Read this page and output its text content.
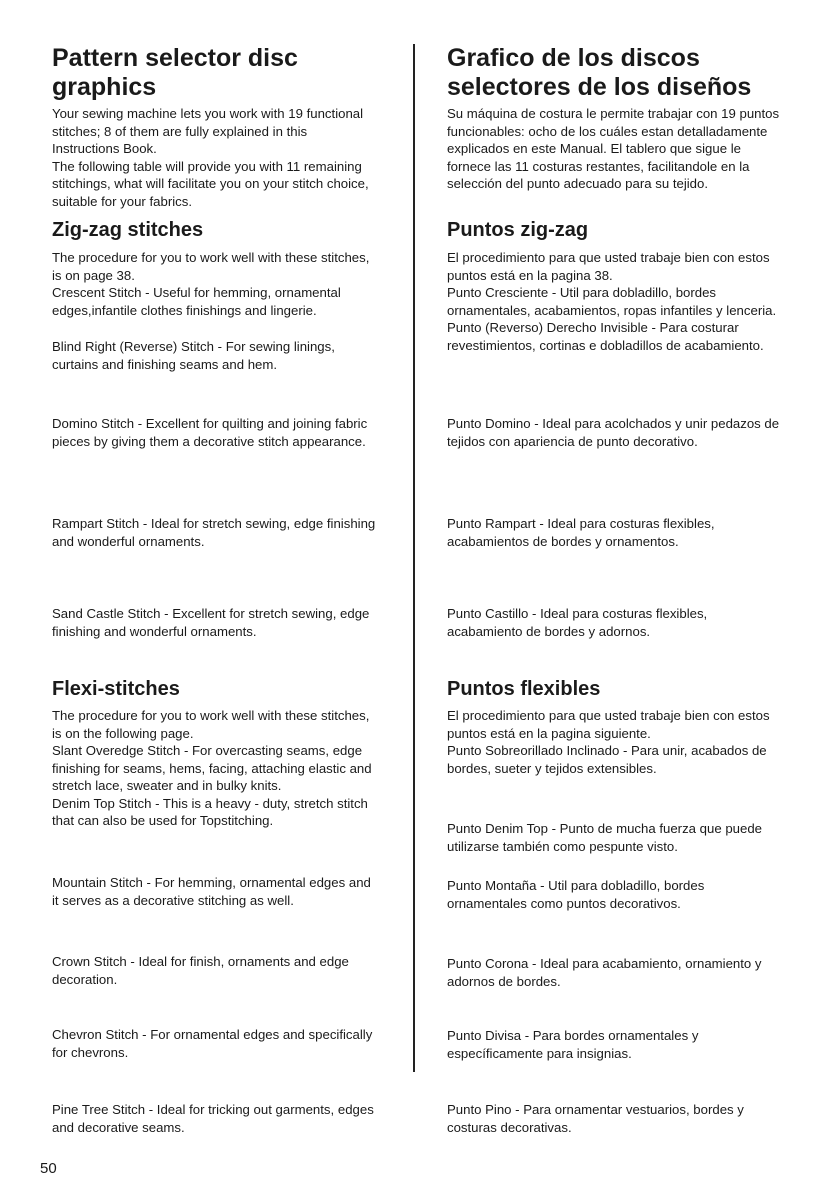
Pattern selector disc graphics
Your sewing machine lets you work with 19 functional stitches; 8 of them are fully explained in this Instructions Book.
The following table will provide you with 11 remaining stitchings, what will facilitate you on your stitch choice, suitable for your fabrics.
Zig-zag stitches
The procedure for you to work well with these stitches, is on page 38.
Crescent Stitch - Useful for hemming, ornamental edges,infantile clothes finishings and lingerie.
Blind Right (Reverse) Stitch - For sewing linings, curtains and finishing seams and hem.
Domino Stitch - Excellent for quilting and joining fabric pieces by giving them a decorative stitch appearance.
Rampart Stitch - Ideal for stretch sewing, edge finishing and wonderful ornaments.
Sand Castle Stitch - Excellent for stretch sewing, edge finishing and wonderful ornaments.
Flexi-stitches
The procedure for you to work well with these stitches, is on the following page.
Slant Overedge Stitch - For overcasting seams, edge finishing for seams, hems, facing, attaching elastic and stretch lace, sweater and in bulky knits.
Denim Top Stitch - This is a heavy - duty, stretch stitch that can also be used for Topstitching.
Mountain Stitch - For hemming, ornamental edges and it serves as a decorative stitching as well.
Crown Stitch - Ideal for finish, ornaments and edge decoration.
Chevron Stitch - For ornamental edges and specifically for chevrons.
Pine Tree Stitch - Ideal for tricking out garments, edges and decorative seams.
Grafico de los discos selectores de los diseños
Su máquina de costura le permite trabajar con 19 puntos funcionables: ocho de los cuáles estan detalladamente explicados en este Manual. El tablero que sigue le fornece las 11 costuras restantes, facilitandole en la selección del punto adecuado para su tejido.
Puntos zig-zag
El procedimiento para que usted trabaje bien con estos puntos está en la pagina 38.
Punto Cresciente - Util para dobladillo, bordes ornamentales, acabamientos, ropas infantiles y lenceria.
Punto (Reverso) Derecho Invisible - Para costurar revestimientos, cortinas e dobladillos de acabamiento.
Punto Domino - Ideal para acolchados y unir pedazos de tejidos con apariencia de punto decorativo.
Punto Rampart - Ideal para costuras flexibles, acabamientos de bordes y ornamentos.
Punto Castillo - Ideal para costuras flexibles, acabamiento de bordes y adornos.
Puntos flexibles
El procedimiento para que usted trabaje bien con estos puntos está en la pagina siguiente.
Punto Sobreorillado Inclinado - Para unir, acabados de bordes, sueter y tejidos extensibles.
Punto Denim Top - Punto de mucha fuerza que puede utilizarse también como pespunte visto.
Punto Montaña - Util para dobladillo, bordes ornamentales como puntos decorativos.
Punto Corona - Ideal para acabamiento, ornamiento y adornos de bordes.
Punto Divisa - Para bordes ornamentales y específicamente para insignias.
Punto Pino - Para ornamentar vestuarios, bordes y costuras decorativas.
50
